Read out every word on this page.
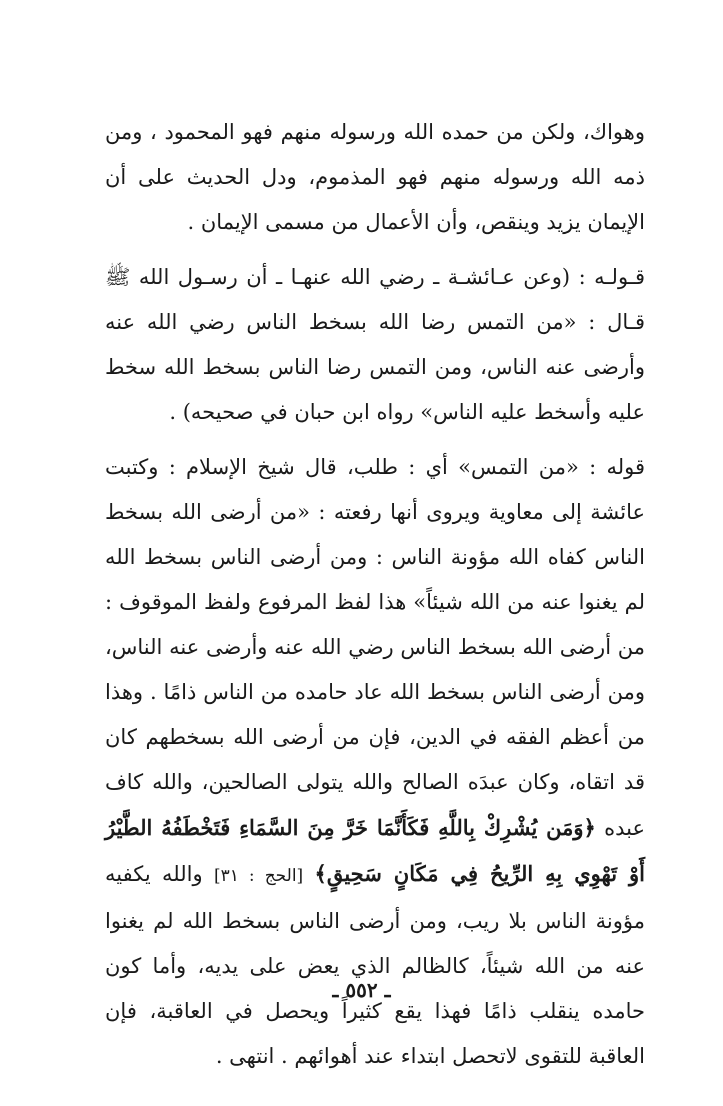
وهواك، ولكن من حمده الله ورسوله منهم فهو المحمود ، ومن ذمه الله ورسوله منهم فهو المذموم، ودل الحديث على أن الإيمان يزيد وينقص، وأن الأعمال من مسمى الإيمان .

قـولـه : (وعن عـائشـة ـ رضي الله عنهـا ـ أن رسـول الله ﷺ قـال : «من التمس رضا الله بسخط الناس رضي الله عنه وأرضى عنه الناس، ومن التمس رضا الناس بسخط الله سخط عليه وأسخط عليه الناس» رواه ابن حبان في صحيحه) .

قوله : «من التمس» أي : طلب، قال شيخ الإسلام : وكتبت عائشة إلى معاوية ويروى أنها رفعته : «من أرضى الله بسخط الناس كفاه الله مؤونة الناس : ومن أرضى الناس بسخط الله لم يغنوا عنه من الله شيئاً» هذا لفظ المرفوع ولفظ الموقوف : من أرضى الله بسخط الناس رضي الله عنه وأرضى عنه الناس، ومن أرضى الناس بسخط الله عاد حامده من الناس ذامًا . وهذا من أعظم الفقه في الدين، فإن من أرضى الله بسخطهم كان قد اتقاه، وكان عبدَه الصالح والله يتولى الصالحين، والله كاف عبده ﴿وَمَن يُشْرِكْ بِاللَّهِ فَكَأَنَّمَا خَرَّ مِنَ السَّمَاءِ فَتَخْطَفُهُ الطَّيْرُ أَوْ تَهْوِي بِهِ الرِّيحُ فِي مَكَانٍ سَحِيقٍ﴾ [الحج : ٣١] والله يكفيه مؤونة الناس بلا ريب، ومن أرضى الناس بسخط الله لم يغنوا عنه من الله شيئاً، كالظالم الذي يعض على يديه، وأما كون حامده ينقلب ذامًا فهذا يقع كثيراً ويحصل في العاقبة، فإن العاقبة للتقوى لاتحصل ابتداء عند أهوائهم . انتهى .

ـ ٥٥٢ ـ
